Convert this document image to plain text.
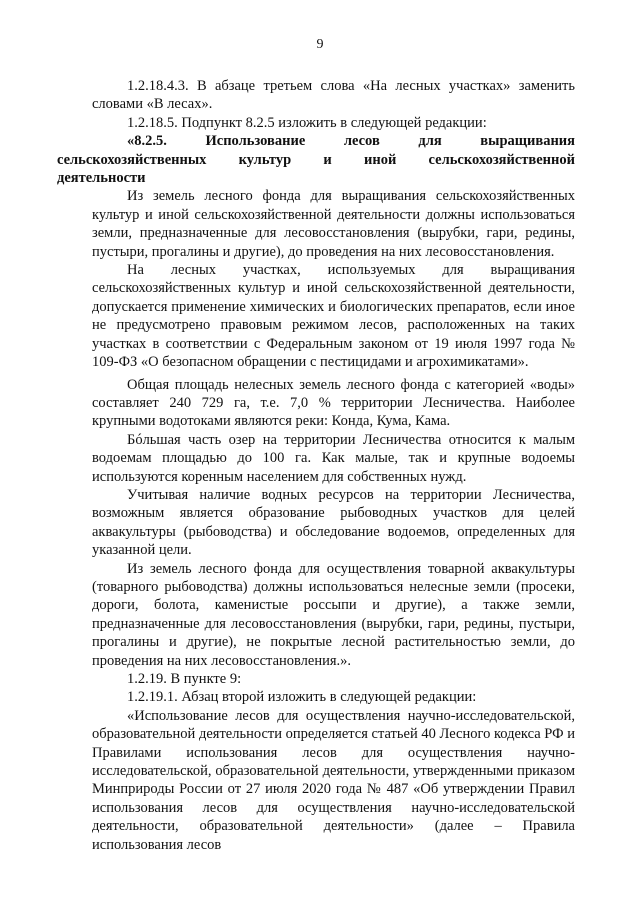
9

1.2.18.4.3. В абзаце третьем слова «На лесных участках» заменить словами «В лесах».

1.2.18.5. Подпункт 8.2.5 изложить в следующей редакции:

«8.2.5. Использование лесов для выращивания
сельскохозяйственных культур и иной сельскохозяйственной
деятельности

Из земель лесного фонда для выращивания сельскохозяйственных культур и иной сельскохозяйственной деятельности должны использоваться земли, предназначенные для лесовосстановления (вырубки, гари, редины, пустыри, прогалины и другие), до проведения на них лесовосстановления.

На лесных участках, используемых для выращивания сельскохозяйственных культур и иной сельскохозяйственной деятельности, допускается применение химических и биологических препаратов, если иное не предусмотрено правовым режимом лесов, расположенных на таких участках в соответствии с Федеральным законом от 19 июля 1997 года № 109-ФЗ «О безопасном обращении с пестицидами и агрохимикатами».

Общая площадь нелесных земель лесного фонда с категорией «воды» составляет 240 729 га, т.е. 7,0 % территории Лесничества. Наиболее крупными водотоками являются реки: Конда, Кума, Кама.

Бóльшая часть озер на территории Лесничества относится к малым водоемам площадью до 100 га. Как малые, так и крупные водоемы используются коренным населением для собственных нужд.

Учитывая наличие водных ресурсов на территории Лесничества, возможным является образование рыбоводных участков для целей аквакультуры (рыбоводства) и обследование водоемов, определенных для указанной цели.

Из земель лесного фонда для осуществления товарной аквакультуры (товарного рыбоводства) должны использоваться нелесные земли (просеки, дороги, болота, каменистые россыпи и другие), а также земли, предназначенные для лесовосстановления (вырубки, гари, редины, пустыри, прогалины и другие), не покрытые лесной растительностью земли, до проведения на них лесовосстановления.».

1.2.19. В пункте 9:

1.2.19.1. Абзац второй изложить в следующей редакции:

«Использование лесов для осуществления научно-исследовательской, образовательной деятельности определяется статьей 40 Лесного кодекса РФ и Правилами использования лесов для осуществления научно-исследовательской, образовательной деятельности, утвержденными приказом Минприроды России от 27 июля 2020 года № 487 «Об утверждении Правил использования лесов для осуществления научно-исследовательской деятельности, образовательной деятельности» (далее – Правила использования лесов
